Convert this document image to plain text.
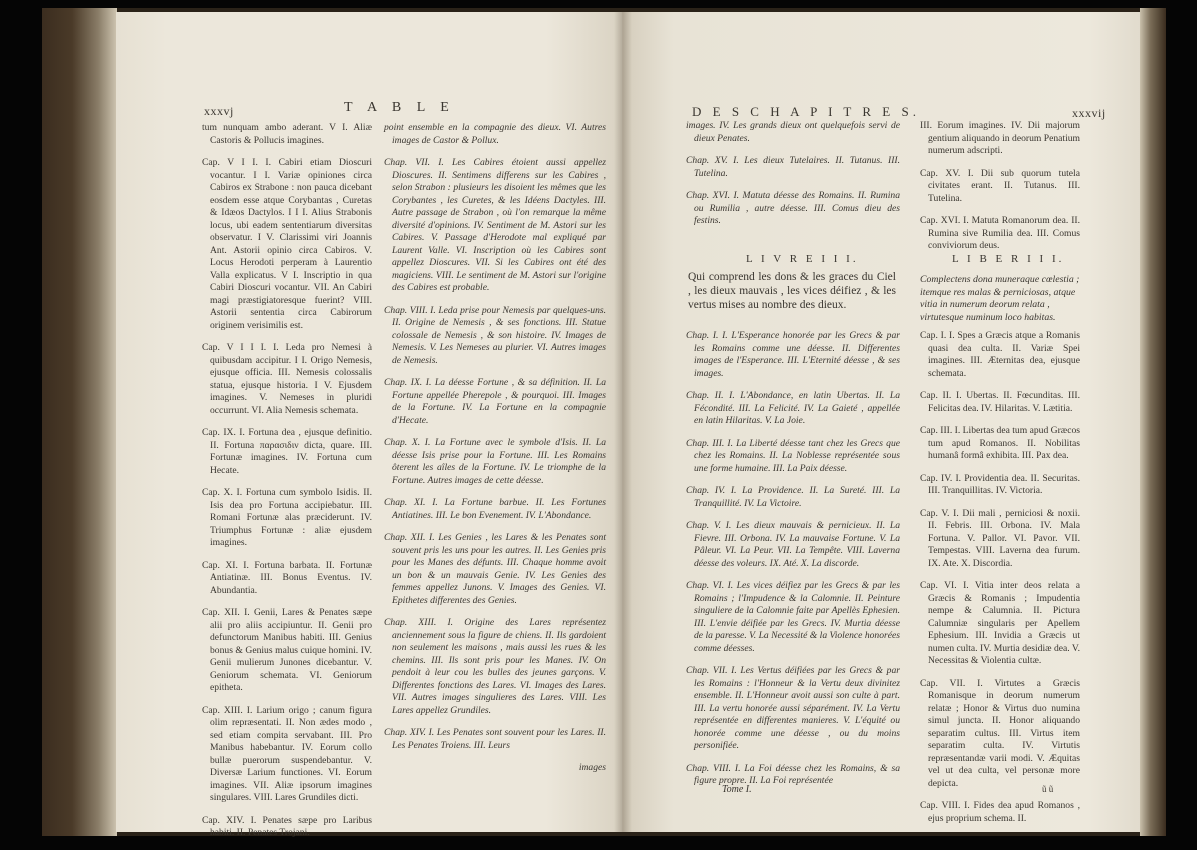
xxxvj	T A B L E

tum nunquam ambo aderant. V I. Aliæ Castoris & Pollucis imagines.

Cap. V I I. I. Cabiri etiam Dioscuri vocantur. I I. Variæ opiniones circa Cabiros ex Strabone : non pauca dicebant eosdem esse atque Corybantas , Curetas & Idæos Dactylos. I I I. Alius Strabonis locus, ubi eadem sententiarum diversitas observatur. I V. Clarissimi viri Joannis Ant. Astorii opinio circa Cabiros. V. Locus Herodoti perperam à Laurentio Valla explicatus. V I. Inscriptio in qua Cabiri Dioscuri vocantur. VII. An Cabiri magi præstigiatoresque fuerint? VIII. Astorii sententia circa Cabirorum originem verisimilis est.

Cap. V I I I. I. Leda pro Nemesi à quibusdam accipitur. I I. Origo Nemesis, ejusque officia. III. Nemesis colossalis statua, ejusque historia. I V. Ejusdem imagines. V. Nemeses in pluridi occurrunt. VI. Alia Nemesis schemata.

Cap. IX. I. Fortuna dea , ejusque definitio. II. Fortuna παρασιδιν dicta, quare. III. Fortunæ imagines. IV. Fortuna cum Hecate.

Cap. X. I. Fortuna cum symbolo Isidis. II. Isis dea pro Fortuna accipiebatur. III. Romani Fortunæ alas præciderunt. IV. Triumphus Fortunæ : aliæ ejusdem imagines.

Cap. XI. I. Fortuna barbata. II. Fortunæ Antiatinæ. III. Bonus Eventus. IV. Abundantia.

Cap. XII. I. Genii, Lares & Penates sæpe alii pro aliis accipiuntur. II. Genii pro defunctorum Manibus habiti. III. Genius bonus & Genius malus cuique homini. IV. Genii mulierum Junones dicebantur. V. Geniorum schemata. VI. Geniorum epitheta.

Cap. XIII. I. Larium origo ; canum figura olim repræsentati. II. Non ædes modo , sed etiam compita servabant. III. Pro Manibus habebantur. IV. Eorum collo bullæ puerorum suspendebantur. V. Diversæ Larium functiones. VI. Eorum imagines. VII. Aliæ ipsorum imagines singulares. VIII. Lares Grundiles dicti.

Cap. XIV. I. Penates sæpe pro Laribus habiti. II. Penates Trojani.

point ensemble en la compagnie des dieux. VI. Autres images de Castor & Pollux.

Chap. VII. I. Les Cabires étoient aussi appellez Dioscures. II. Sentimens differens sur les Cabires , selon Strabon : plusieurs les disoient les mêmes que les Corybantes , les Curetes, & les Idéens Dactyles. III. Autre passage de Strabon , où l'on remarque la même diversité d'opinions. IV. Sentiment de M. Astori sur les Cabires. V. Passage d'Herodote mal expliqué par Laurent Valle. VI. Inscription où les Cabires sont appellez Dioscures. VII. Si les Cabires ont été des magiciens. VIII. Le sentiment de M. Astori sur l'origine des Cabires est probable.

Chap. VIII. I. Leda prise pour Nemesis par quelques-uns. II. Origine de Nemesis , & ses fonctions. III. Statue colossale de Nemesis , & son histoire. IV. Images de Nemesis. V. Les Nemeses au plurier. VI. Autres images de Nemesis.

Chap. IX. I. La déesse Fortune , & sa définition. II. La Fortune appellée Pherepole , & pourquoi. III. Images de la Fortune. IV. La Fortune en la compagnie d'Hecate.

Chap. X. I. La Fortune avec le symbole d'Isis. II. La déesse Isis prise pour la Fortune. III. Les Romains ôterent les aîles de la Fortune. IV. Le triomphe de la Fortune. Autres images de cette déesse.

Chap. XI. I. La Fortune barbue. II. Les Fortunes Antiatines. III. Le bon Evenement. IV. L'Abondance.

Chap. XII. I. Les Genies , les Lares & les Penates sont souvent pris les uns pour les autres. II. Les Genies pris pour les Manes des défunts. III. Chaque homme avoit un bon & un mauvais Genie. IV. Les Genies des femmes appellez Junons. V. Images des Genies. VI. Epithetes differentes des Genies.

Chap. XIII. I. Origine des Lares représentez anciennement sous la figure de chiens. II. Ils gardoient non seulement les maisons , mais aussi les rues & les chemins. III. Ils sont pris pour les Manes. IV. On pendoit à leur cou les bulles des jeunes garçons. V. Differentes fonctions des Lares. VI. Images des Lares. VII. Autres images singulieres des Lares. VIII. Les Lares appellez Grundiles.

Chap. XIV. I. Les Penates sont souvent pour les Lares. II. Les Penates Troiens. III. Leurs

images
D E S C H A P I T R E S.	xxxvij

images. IV. Les grands dieux ont quelquefois servi de dieux Penates.

Chap. XV. I. Les dieux Tutelaires. II. Tutanus. III. Tutelina.

Chap. XVI. I. Matuta déesse des Romains. II. Rumina ou Rumilia , autre déesse. III. Comus dieu des festins.

III. Eorum imagines. IV. Dii majorum gentium aliquando in deorum Penatium numerum adscripti.

Cap. XV. I. Dii sub quorum tutela civitates erant. II. Tutanus. III. Tutelina.

Cap. XVI. I. Matuta Romanorum dea. II. Rumina sive Rumilia dea. III. Comus conviviorum deus.

L I V R E I I I.	L I B E R I I I.
Qui comprend les dons & les graces du Ciel , les dieux mauvais , les vices déifiez , & les vertus mises au nombre des dieux.
Complectens dona muneraque cœlestia ; itemque res malas & perniciosas, atque vitia in numerum deorum relata , virtutesque numinum loco habitas.

Chap. I. I. L'Esperance honorée par les Grecs & par les Romains comme une déesse. II. Differentes images de l'Esperance. III. L'Eternité déesse , & ses images.

Chap. II. I. L'Abondance, en latin Ubertas. II. La Fécondité. III. La Felicité. IV. La Gaieté , appellée en latin Hilaritas. V. La Joie.

Chap. III. I. La Liberté déesse tant chez les Grecs que chez les Romains. II. La Noblesse représentée sous une forme humaine. III. La Paix déesse.

Chap. IV. I. La Providence. II. La Sureté. III. La Tranquillité. IV. La Victoire.

Chap. V. I. Les dieux mauvais & pernicieux. II. La Fievre. III. Orbona. IV. La mauvaise Fortune. V. La Pâleur. VI. La Peur. VII. La Tempête. VIII. Laverna déesse des voleurs. IX. Até. X. La discorde.

Chap. VI. I. Les vices déifiez par les Grecs & par les Romains ; l'Impudence & la Calomnie. II. Peinture singuliere de la Calomnie faite par Apellès Ephesien. III. L'envie déifiée par les Grecs. IV. Murtia déesse de la paresse. V. La Necessité & la Violence honorées comme déesses.

Chap. VII. I. Les Vertus déifiées par les Grecs & par les Romains : l'Honneur & la Vertu deux divinitez ensemble. II. L'Honneur avoit aussi son culte à part. III. La vertu honorée aussi séparément. IV. La Vertu représentée en differentes manieres. V. L'équité ou honorée comme une déesse , ou du moins personifiée.

Chap. VIII. I. La Foi déesse chez les Romains, & sa figure propre. II. La Foi représentée

Cap. I. I. Spes a Græcis atque a Romanis quasi dea culta. II. Variæ Spei imagines. III. Æternitas dea, ejusque schemata.

Cap. II. I. Ubertas. II. Fœcunditas. III. Felicitas dea. IV. Hilaritas. V. Lætitia.

Cap. III. I. Libertas dea tum apud Græcos tum apud Romanos. II. Nobilitas humanâ formâ exhibita. III. Pax dea.

Cap. IV. I. Providentia dea. II. Securitas. III. Tranquillitas. IV. Victoria.

Cap. V. I. Dii mali , perniciosi & noxii. II. Febris. III. Orbona. IV. Mala Fortuna. V. Pallor. VI. Pavor. VII. Tempestas. VIII. Laverna dea furum. IX. Ate. X. Discordia.

Cap. VI. I. Vitia inter deos relata a Græcis & Romanis ; Impudentia nempe & Calumnia. II. Pictura Calumniæ singularis per Apellem Ephesium. III. Invidia a Græcis ut numen culta. IV. Murtia desidiæ dea. V. Necessitas & Violentia cultæ.

Cap. VII. I. Virtutes a Græcis Romanisque in deorum numerum relatæ ; Honor & Virtus duo numina simul juncta. II. Honor aliquando separatim cultus. III. Virtus item separatim culta. IV. Virtutis repræsentandæ varii modi. V. Æquitas vel ut dea culta, vel personæ more depicta.

Cap. VIII. I. Fides dea apud Romanos , ejus proprium schema. II.

Tome I.	ũ ũ
